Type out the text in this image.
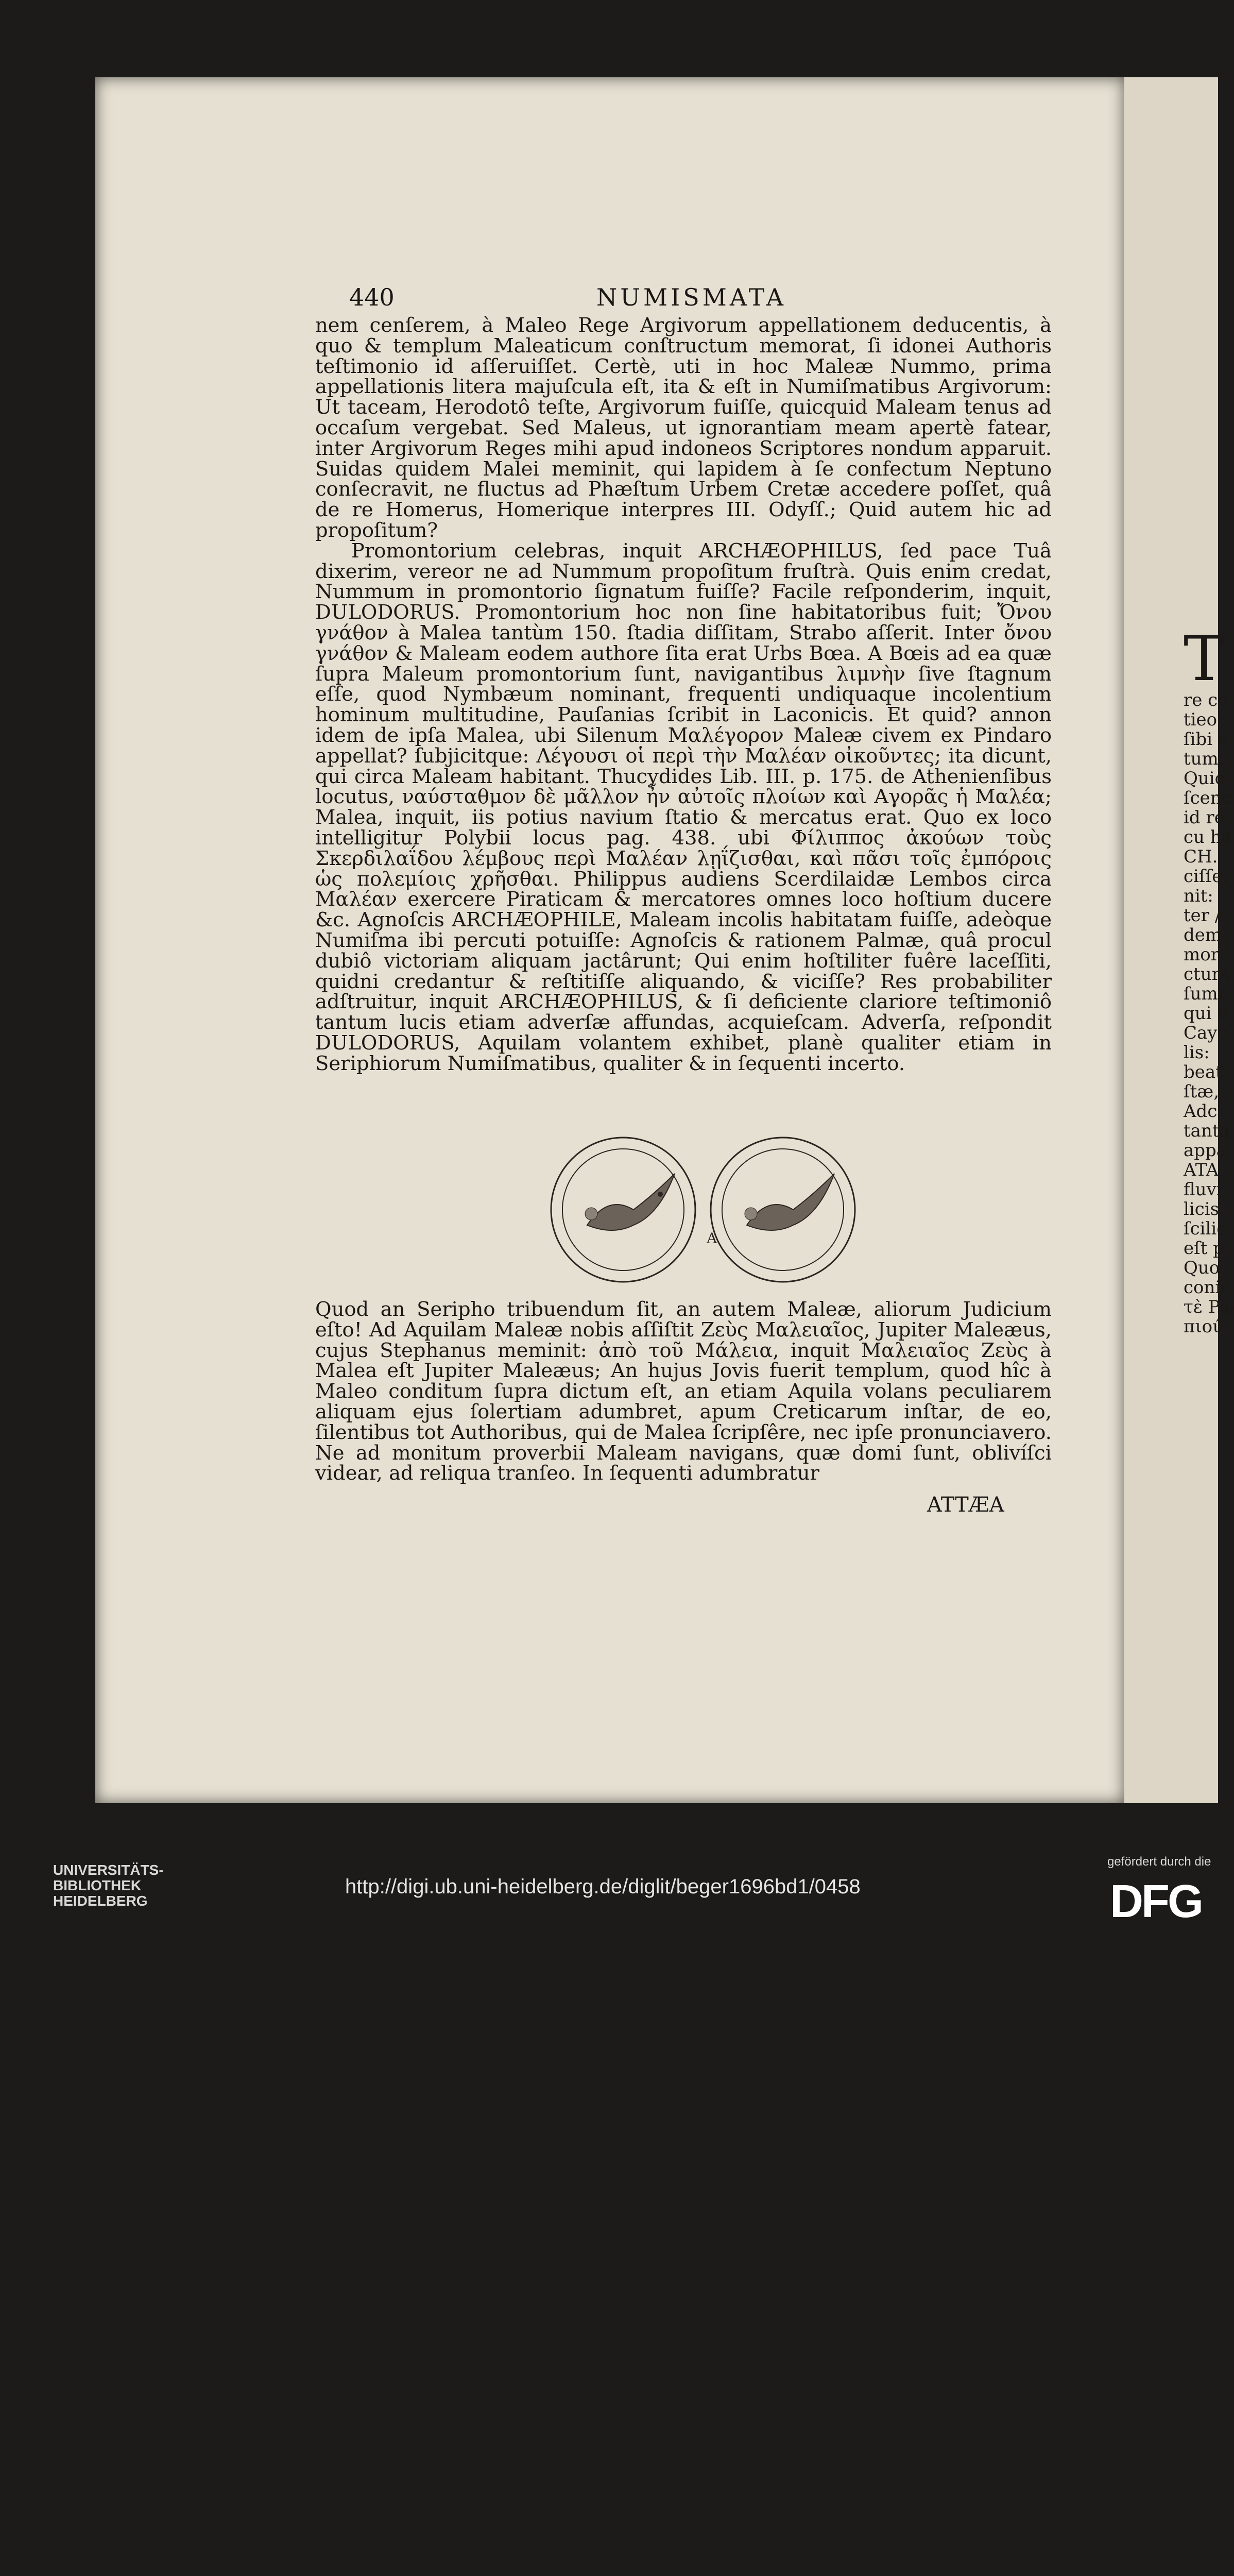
440	NUMISMATA

nem cenſerem, à Maleo Rege Argivorum appellationem deducentis, à quo & templum Maleaticum conſtructum memorat, ſi idonei Authoris teſtimonio id aſſeruiſſet. Certè, uti in hoc Maleæ Nummo, prima appellationis litera majuſcula eſt, ita & eſt in Numiſmatibus Argivorum: Ut taceam, Herodotô teſte, Argivorum fuiſſe, quicquid Maleam tenus ad occaſum vergebat. Sed Maleus, ut ignorantiam meam apertè fatear, inter Argivorum Reges mihi apud indoneos Scriptores nondum apparuit. Suidas quidem Malei meminit, qui lapidem à ſe confectum Neptuno conſecravit, ne fluctus ad Phæſtum Urbem Cretæ accedere poſſet, quâ de re Homerus, Homerique interpres III. Odyſſ.; Quid autem hic ad propoſitum?

Promontorium celebras, inquit ARCHÆOPHILUS, ſed pace Tuâ dixerim, vereor ne ad Nummum propoſitum fruſtrà. Quis enim credat, Nummum in promontorio ſignatum fuiſſe? Facile reſponderim, inquit, DULODORUS. Promontorium hoc non ſine habitatoribus fuit; Ὄνου γνάθον à Malea tantùm 150. ſtadia diſſitam, Strabo aſſerit. Inter ὄνου γνάθον & Maleam eodem authore ſita erat Urbs Bœa. A Bœis ad ea quæ ſupra Maleum promontorium ſunt, navigantibus λιμνὴν ſive ſtagnum eſſe, quod Nymbæum nominant, frequenti undiquaque incolentium hominum multitudine, Pauſanias ſcribit in Laconicis. Et quid? annon idem de ipſa Malea, ubi Silenum Μαλέγορον Maleæ civem ex Pindaro appellat? ſubjicitque: Λέγουσι οἱ περὶ τὴν Μαλέαν οἰκοῦντες; ita dicunt, qui circa Maleam habitant. Thucydides Lib. III. p. 175. de Athenienſibus locutus, ναύσταθμον δὲ μᾶλλον ἦν αὐτοῖς πλοίων καὶ Αγορᾶς ἡ Μαλέα; Malea, inquit, iis potius navium ſtatio & mercatus erat. Quo ex loco intelligitur Polybii locus pag. 438. ubi Φίλιππος ἀκούων τοὺς Σκερδιλαΐδου λέμβους περὶ Μαλέαν λῃΐζισθαι, καὶ πᾶσι τοῖς ἐμπόροις ὡς πολεμίοις χρῆσθαι. Philippus audiens Scerdilaidæ Lembos circa Μαλέαν exercere Piraticam & mercatores omnes loco hoſtium ducere &c. Agnoſcis ARCHÆOPHILE, Maleam incolis habitatam fuiſſe, adeòque Numiſma ibi percuti potuiſſe: Agnoſcis & rationem Palmæ, quâ procul dubiô victoriam aliquam jactârunt; Qui enim hoſtiliter fuêre laceſſiti, quidni credantur & reſtitiſſe aliquando, & viciſſe? Res probabiliter adſtruitur, inquit ARCHÆOPHILUS, & ſi deficiente clariore teſtimoniô tantum lucis etiam adverſæ affundas, acquieſcam. Adverſa, reſpondit DULODORUS, Aquilam volantem exhibet, planè qualiter etiam in Seriphiorum Numiſmatibus, qualiter & in ſequenti incerto.

A
Quod an Seripho tribuendum ſit, an autem Maleæ, aliorum Judicium eſto! Ad Aquilam Maleæ nobis aſſiſtit Ζεὺς Μαλειαῖος, Jupiter Maleæus, cujus Stephanus meminit: ἀπὸ τοῦ Μάλεια, inquit Μαλειαῖος Ζεὺς à Malea eſt Jupiter Maleæus; An hujus Jovis fuerit templum, quod hîc à Maleo conditum ſupra dictum eſt, an etiam Aquila volans peculiarem aliquam ejus ſolertiam adumbret, apum Creticarum inſtar, de eo, ſilentibus tot Authoribus, qui de Malea ſcripſêre, nec ipſe pronunciavero. Ne ad monitum proverbii Maleam navigans, quæ domi ſunt, oblivíſci videar, ad reliqua tranſeo. In ſequenti adumbratur
ATTÆA
T
re cc
tieo
ſibi c
tum.
Quic
ſcenc
id re
cu ha
CH.
ciſſe.
nit:
ter /
dem
mor
ctura
ſumr
qui e
Cayc
lis:
beat
ſtæ,
Adc
tanta
appa
ATA
fluvi
licis
ſcilic
eſt p
Quo
conic
τὲ Ρω
πιού.
UNIVERSITÄTS-
BIBLIOTHEK
HEIDELBERG
http://digi.ub.uni-heidelberg.de/diglit/beger1696bd1/0458
gefördert durch die
DFG
